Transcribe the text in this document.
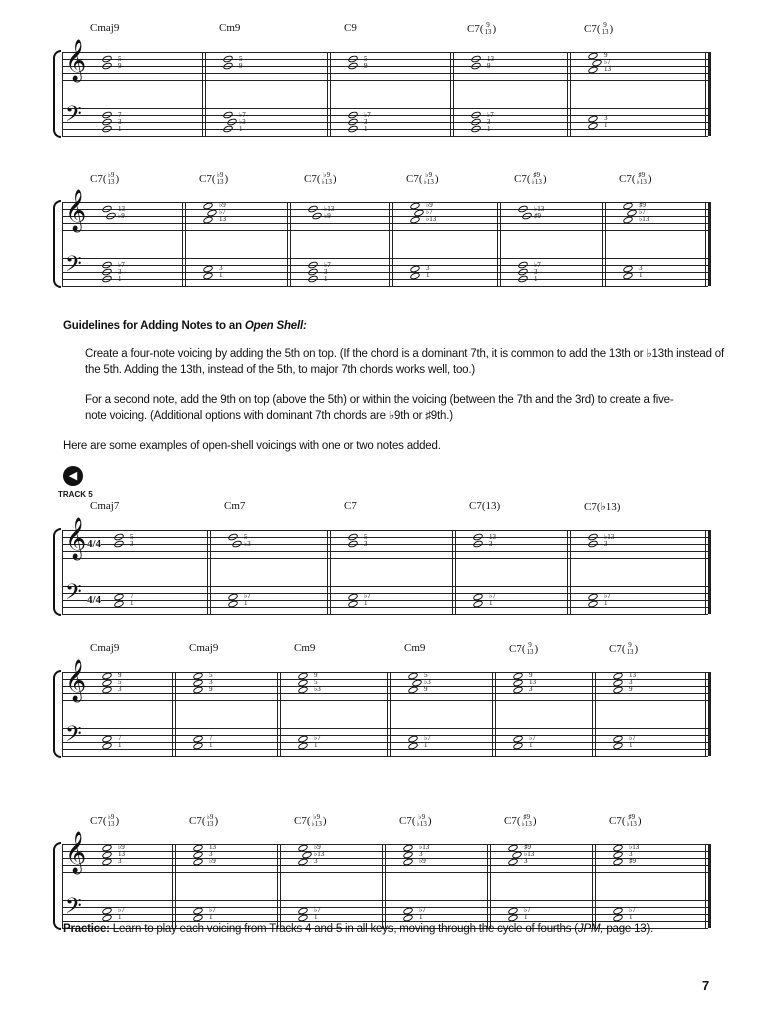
𝄞
𝄢
Cmaj9
5
9
7
3
1
Cm9
5
9
♭7
♭3
1
C9
5
9
♭7
3
1
C7 ( 9
13 )
13
9
♭7
3
1
C7 ( 9
13 )
9
♭7
13
3
1
𝄞
𝄢
C7 ( ♭9
13 )
13
♭9
♭7
3
1
C7 ( ♭9
13 )
♭9
♭7
13
3
1
C7 ( ♭9
♭13 )
♭13
♭9
♭7
3
1
C7 ( ♭9
♭13 )
♭9
♭7
♭13
3
1
C7 ( ♯9
♭13 )
♭13
♯9
♭7
3
1
C7 ( ♯9
♭13 )
♯9
♭7
♭13
3
1
𝄞
𝄢
4/4
4/4
Cmaj7
5
3
7
1
Cm7
5
♭3
♭7
1
C7
5
3
♭7
1
C7(13)
13
3
♭7
1
C7(♭13)
♭13
3
♭7
1
𝄞
𝄢
Cmaj9
9
5
3
7
1
Cmaj9
5
3
9
7
1
Cm9
9
5
♭3
♭7
1
Cm9
5
♭3
9
♭7
1
C7 ( 9
13 )
9
13
3
♭7
1
C7 ( 9
13 )
13
3
9
♭7
1
𝄞
𝄢
C7 ( ♭9
13 )
♭9
13
3
♭7
1
C7 ( ♭9
13 )
13
3
♭9
♭7
1
C7 ( ♭9
♭13 )
♭9
♭13
3
♭7
1
C7 ( ♭9
♭13 )
♭13
3
♭9
♭7
1
C7 ( ♯9
♭13 )
♯9
♭13
3
♭7
1
C7 ( ♯9
♭13 )
♭13
3
♯9
♭7
1
Guidelines for Adding Notes to an Open Shell:
Create a four-note voicing by adding the 5th on top. (If the chord is a dominant 7th, it is common to add the 13th or ♭13th instead of the 5th. Adding the 13th, instead of the 5th, to major 7th chords works well, too.)
For a second note, add the 9th on top (above the 5th) or within the voicing (between the 7th and the 3rd) to create a five-note voicing. (Additional options with dominant 7th chords are ♭9th or ♯9th.)
Here are some examples of open-shell voicings with one or two notes added.
◀
TRACK 5
Practice: Learn to play each voicing from Tracks 4 and 5 in all keys, moving through the cycle of fourths (JPM, page 13).
7
